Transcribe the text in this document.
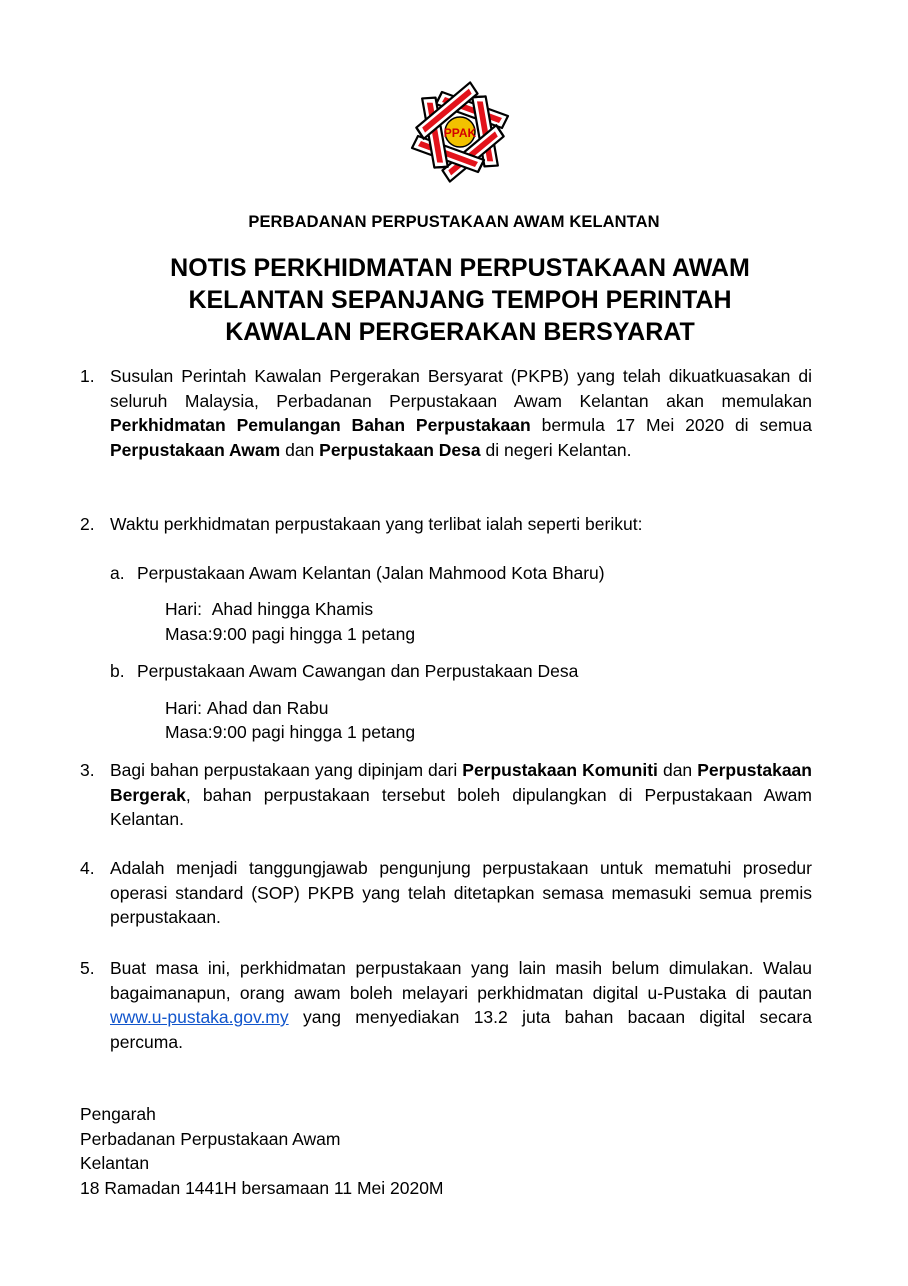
PPAK
PERBADANAN PERPUSTAKAAN AWAM KELANTAN
NOTIS PERKHIDMATAN PERPUSTAKAAN AWAM
KELANTAN SEPANJANG TEMPOH PERINTAH
KAWALAN PERGERAKAN BERSYARAT
1. Susulan Perintah Kawalan Pergerakan Bersyarat (PKPB) yang telah dikuatkuasakan di seluruh Malaysia, Perbadanan Perpustakaan Awam Kelantan akan memulakan Perkhidmatan Pemulangan Bahan Perpustakaan bermula 17 Mei 2020 di semua Perpustakaan Awam dan Perpustakaan Desa di negeri Kelantan.
2. Waktu perkhidmatan perpustakaan yang terlibat ialah seperti berikut:
a. Perpustakaan Awam Kelantan (Jalan Mahmood Kota Bharu)
Hari: Ahad hingga Khamis
Masa:9:00 pagi hingga 1 petang
b. Perpustakaan Awam Cawangan dan Perpustakaan Desa
Hari: Ahad dan Rabu
Masa:9:00 pagi hingga 1 petang
3. Bagi bahan perpustakaan yang dipinjam dari Perpustakaan Komuniti dan Perpustakaan Bergerak, bahan perpustakaan tersebut boleh dipulangkan di Perpustakaan Awam Kelantan.
4. Adalah menjadi tanggungjawab pengunjung perpustakaan untuk mematuhi prosedur operasi standard (SOP) PKPB yang telah ditetapkan semasa memasuki semua premis perpustakaan.
5. Buat masa ini, perkhidmatan perpustakaan yang lain masih belum dimulakan. Walau bagaimanapun, orang awam boleh melayari perkhidmatan digital u-Pustaka di pautan www.u-pustaka.gov.my yang menyediakan 13.2 juta bahan bacaan digital secara percuma.
Pengarah
Perbadanan Perpustakaan Awam
Kelantan
18 Ramadan 1441H bersamaan 11 Mei 2020M
